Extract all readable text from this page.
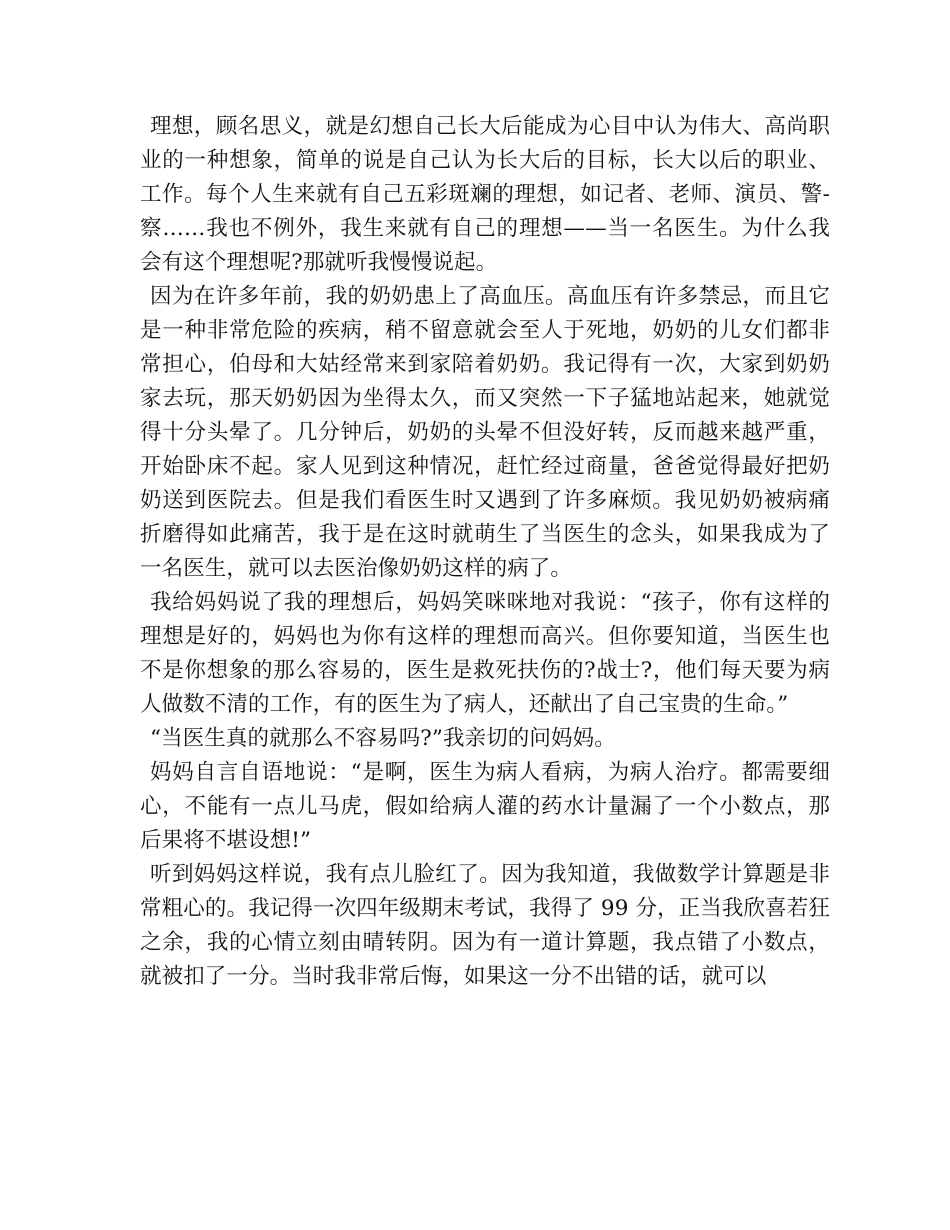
理想，顾名思义，就是幻想自己长大后能成为心目中认为伟大、高尚职业的一种想象，简单的说是自己认为长大后的目标，长大以后的职业、工作。每个人生来就有自己五彩斑斓的理想，如记者、老师、演员、警-察……我也不例外，我生来就有自己的理想——当一名医生。为什么我会有这个理想呢?那就听我慢慢说起。

因为在许多年前，我的奶奶患上了高血压。高血压有许多禁忌，而且它是一种非常危险的疾病，稍不留意就会至人于死地，奶奶的儿女们都非常担心，伯母和大姑经常来到家陪着奶奶。我记得有一次，大家到奶奶家去玩，那天奶奶因为坐得太久，而又突然一下子猛地站起来，她就觉得十分头晕了。几分钟后，奶奶的头晕不但没好转，反而越来越严重，开始卧床不起。家人见到这种情况，赶忙经过商量，爸爸觉得最好把奶奶送到医院去。但是我们看医生时又遇到了许多麻烦。我见奶奶被病痛折磨得如此痛苦，我于是在这时就萌生了当医生的念头，如果我成为了一名医生，就可以去医治像奶奶这样的病了。

我给妈妈说了我的理想后，妈妈笑咪咪地对我说：“孩子，你有这样的理想是好的，妈妈也为你有这样的理想而高兴。但你要知道，当医生也不是你想象的那么容易的，医生是救死扶伤的?战士?，他们每天要为病人做数不清的工作，有的医生为了病人，还献出了自己宝贵的生命。”

“当医生真的就那么不容易吗?”我亲切的问妈妈。

妈妈自言自语地说：“是啊，医生为病人看病，为病人治疗。都需要细心，不能有一点儿马虎，假如给病人灌的药水计量漏了一个小数点，那后果将不堪设想!”

听到妈妈这样说，我有点儿脸红了。因为我知道，我做数学计算题是非常粗心的。我记得一次四年级期末考试，我得了 99 分，正当我欣喜若狂之余，我的心情立刻由晴转阴。因为有一道计算题，我点错了小数点，就被扣了一分。当时我非常后悔，如果这一分不出错的话，就可以
